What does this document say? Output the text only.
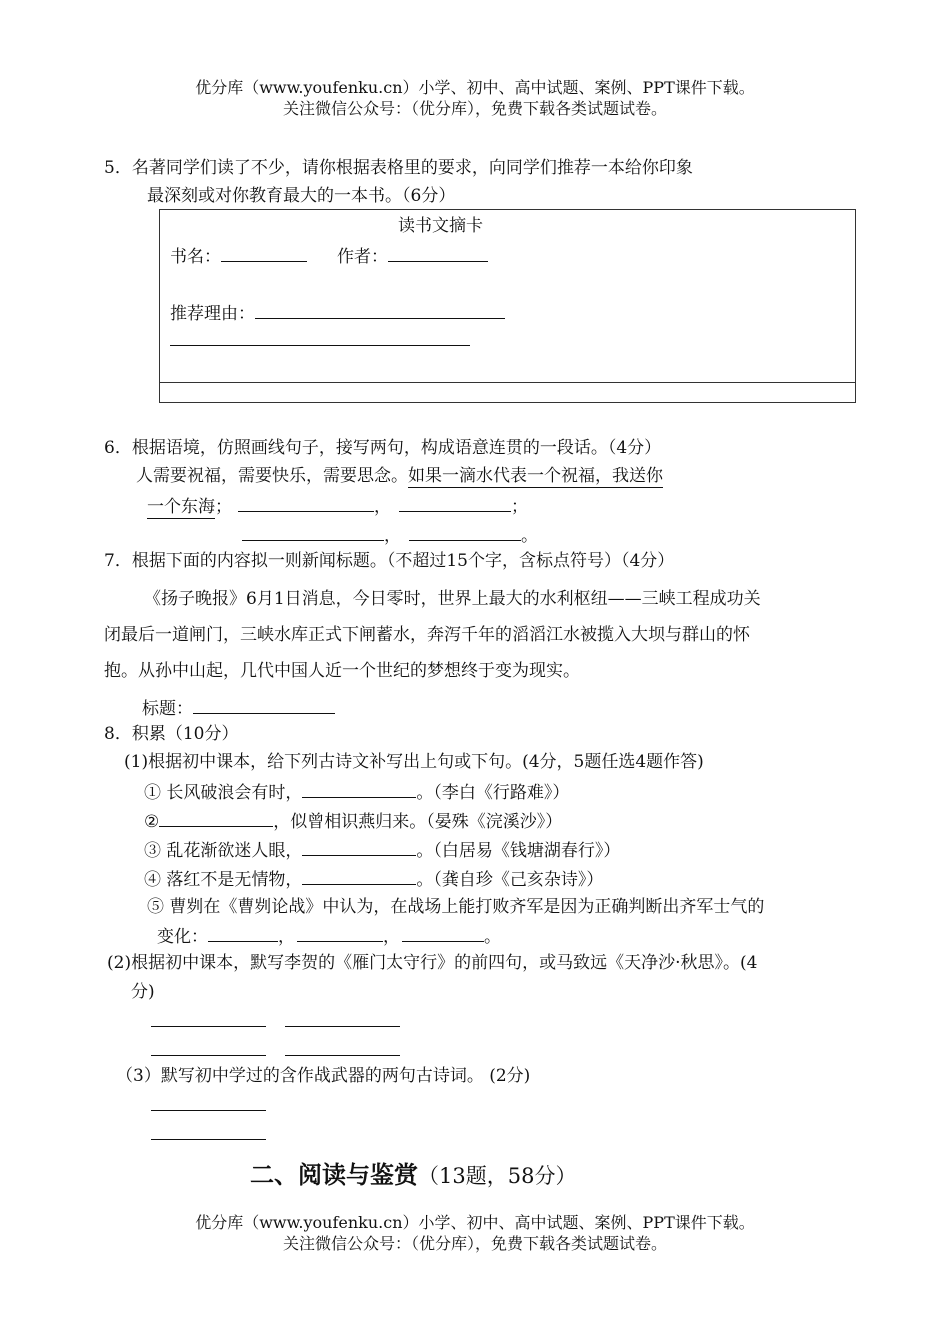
优分库（www.youfenku.cn）小学、初中、高中试题、案例、PPT课件下载。
关注微信公众号：（优分库），免费下载各类试题试卷。
5．名著同学们读了不少，请你根据表格里的要求，向同学们推荐一本给你印象
最深刻或对你教育最大的一本书。（6分）
读书文摘卡
书名：	作者：
推荐理由：
6．根据语境，仿照画线句子，接写两句，构成语意连贯的一段话。（4分）
人需要祝福，需要快乐，需要思念。如果一滴水代表一个祝福，我送你
一个东海；	，	；
，	。
7．根据下面的内容拟一则新闻标题。（不超过15个字，含标点符号）（4分）
《扬子晚报》6月1日消息，今日零时，世界上最大的水利枢纽——三峡工程成功关
闭最后一道闸门，三峡水库正式下闸蓄水，奔泻千年的滔滔江水被揽入大坝与群山的怀
抱。从孙中山起，几代中国人近一个世纪的梦想终于变为现实。
标题：
8．积累（10分）
(1)根据初中课本，给下列古诗文补写出上句或下句。(4分，5题任选4题作答)
① 长风破浪会有时，	。（李白《行路难》）
②	，似曾相识燕归来。（晏殊《浣溪沙》）
③ 乱花渐欲迷人眼，	。（白居易《钱塘湖春行》）
④ 落红不是无情物，	。（龚自珍《己亥杂诗》）
⑤ 曹刿在《曹刿论战》中认为，在战场上能打败齐军是因为正确判断出齐军士气的
变化：	，	，	。
(2)根据初中课本，默写李贺的《雁门太守行》的前四句，或马致远《天净沙·秋思》。(4
分)
（3）默写初中学过的含作战武器的两句古诗词。 (2分)
二、阅读与鉴赏（13题，58分）
优分库（www.youfenku.cn）小学、初中、高中试题、案例、PPT课件下载。
关注微信公众号：（优分库），免费下载各类试题试卷。
